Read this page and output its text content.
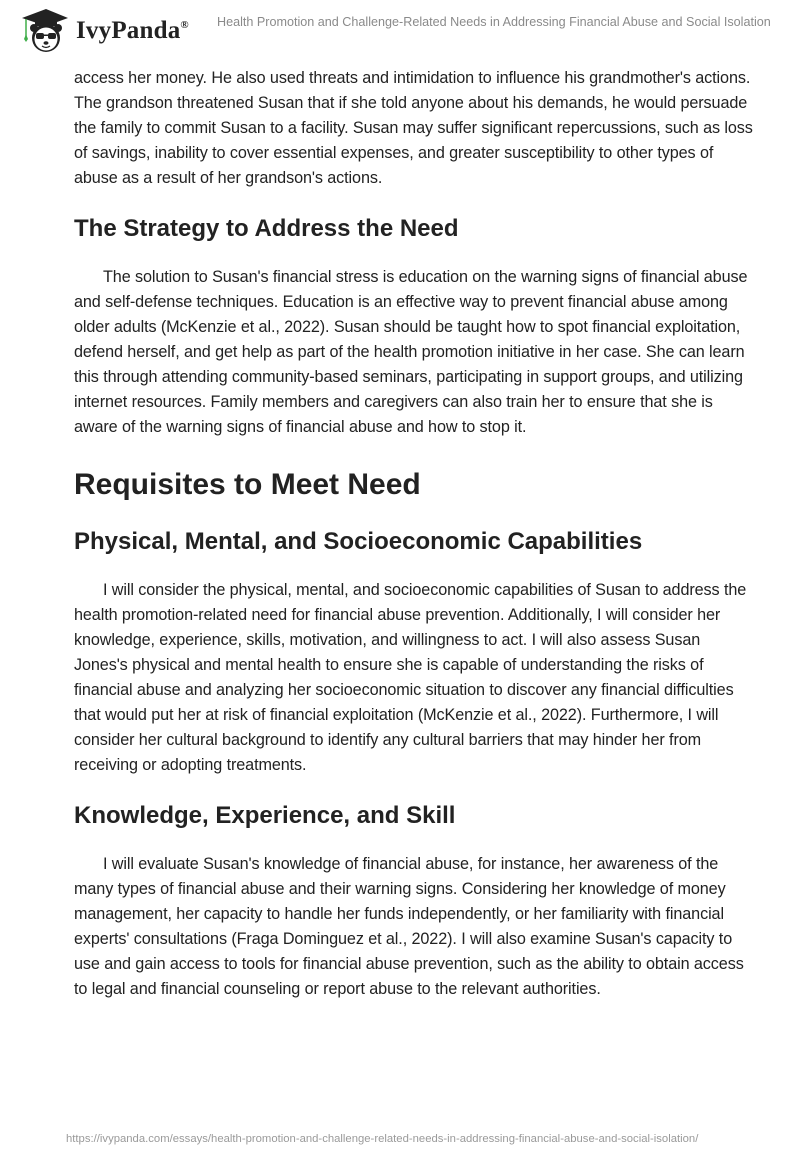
IvyPanda® Health Promotion and Challenge-Related Needs in Addressing Financial Abuse and Social Isolation

access her money. He also used threats and intimidation to influence his grandmother's actions. The grandson threatened Susan that if she told anyone about his demands, he would persuade the family to commit Susan to a facility. Susan may suffer significant repercussions, such as loss of savings, inability to cover essential expenses, and greater susceptibility to other types of abuse as a result of her grandson's actions.

The Strategy to Address the Need

The solution to Susan's financial stress is education on the warning signs of financial abuse and self-defense techniques. Education is an effective way to prevent financial abuse among older adults (McKenzie et al., 2022). Susan should be taught how to spot financial exploitation, defend herself, and get help as part of the health promotion initiative in her case. She can learn this through attending community-based seminars, participating in support groups, and utilizing internet resources. Family members and caregivers can also train her to ensure that she is aware of the warning signs of financial abuse and how to stop it.

Requisites to Meet Need
Physical, Mental, and Socioeconomic Capabilities

I will consider the physical, mental, and socioeconomic capabilities of Susan to address the health promotion-related need for financial abuse prevention. Additionally, I will consider her knowledge, experience, skills, motivation, and willingness to act. I will also assess Susan Jones's physical and mental health to ensure she is capable of understanding the risks of financial abuse and analyzing her socioeconomic situation to discover any financial difficulties that would put her at risk of financial exploitation (McKenzie et al., 2022). Furthermore, I will consider her cultural background to identify any cultural barriers that may hinder her from receiving or adopting treatments.

Knowledge, Experience, and Skill

I will evaluate Susan's knowledge of financial abuse, for instance, her awareness of the many types of financial abuse and their warning signs. Considering her knowledge of money management, her capacity to handle her funds independently, or her familiarity with financial experts' consultations (Fraga Dominguez et al., 2022). I will also examine Susan's capacity to use and gain access to tools for financial abuse prevention, such as the ability to obtain access to legal and financial counseling or report abuse to the relevant authorities.

https://ivypanda.com/essays/health-promotion-and-challenge-related-needs-in-addressing-financial-abuse-and-social-isolation/
